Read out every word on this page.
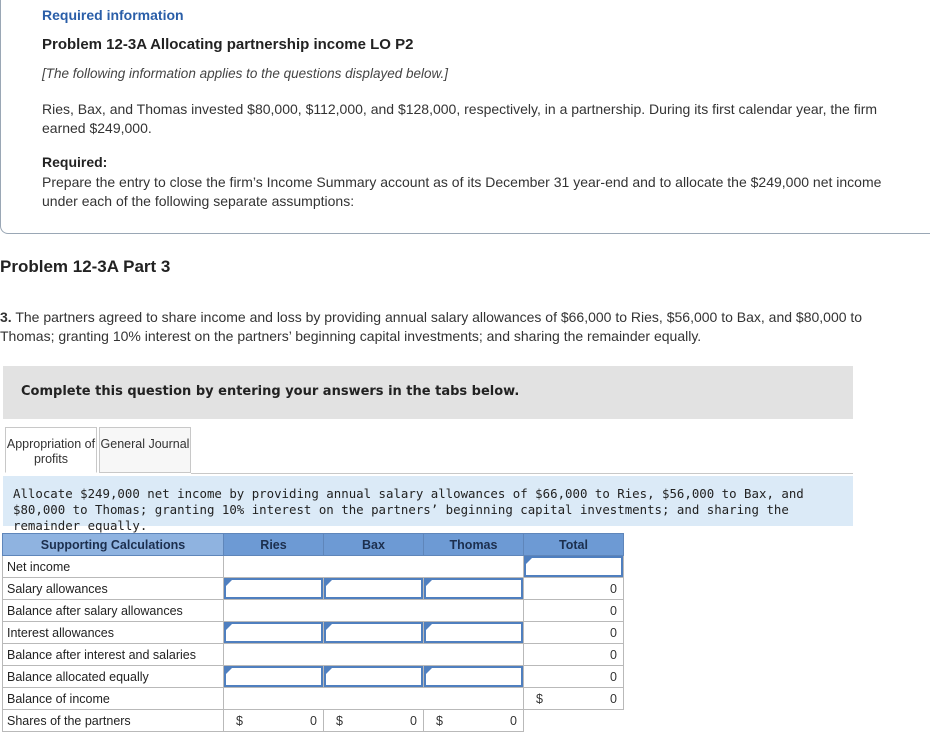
Required information
Problem 12-3A Allocating partnership income LO P2
[The following information applies to the questions displayed below.]
Ries, Bax, and Thomas invested $80,000, $112,000, and $128,000, respectively, in a partnership. During its first calendar year, the firm earned $249,000.
Required:
Prepare the entry to close the firm’s Income Summary account as of its December 31 year-end and to allocate the $249,000 net income under each of the following separate assumptions:
Problem 12-3A Part 3
3. The partners agreed to share income and loss by providing annual salary allowances of $66,000 to Ries, $56,000 to Bax, and $80,000 to Thomas; granting 10% interest on the partners’ beginning capital investments; and sharing the remainder equally.
Complete this question by entering your answers in the tabs below.
Appropriation of profits
General Journal
Allocate $249,000 net income by providing annual salary allowances of $66,000 to Ries, $56,000 to Bax, and $80,000 to Thomas; granting 10% interest on the partners’ beginning capital investments; and sharing the remainder equally.
Supporting Calculations	Ries	Bax	Thomas	Total
Net income				

Salary allowances				0

Balance after salary allowances				0

Interest allowances				0

Balance after interest and salaries				0

Balance allocated equally				0

Balance of income				$ 0

Shares of the partners	$ 0	$ 0	$ 0	
